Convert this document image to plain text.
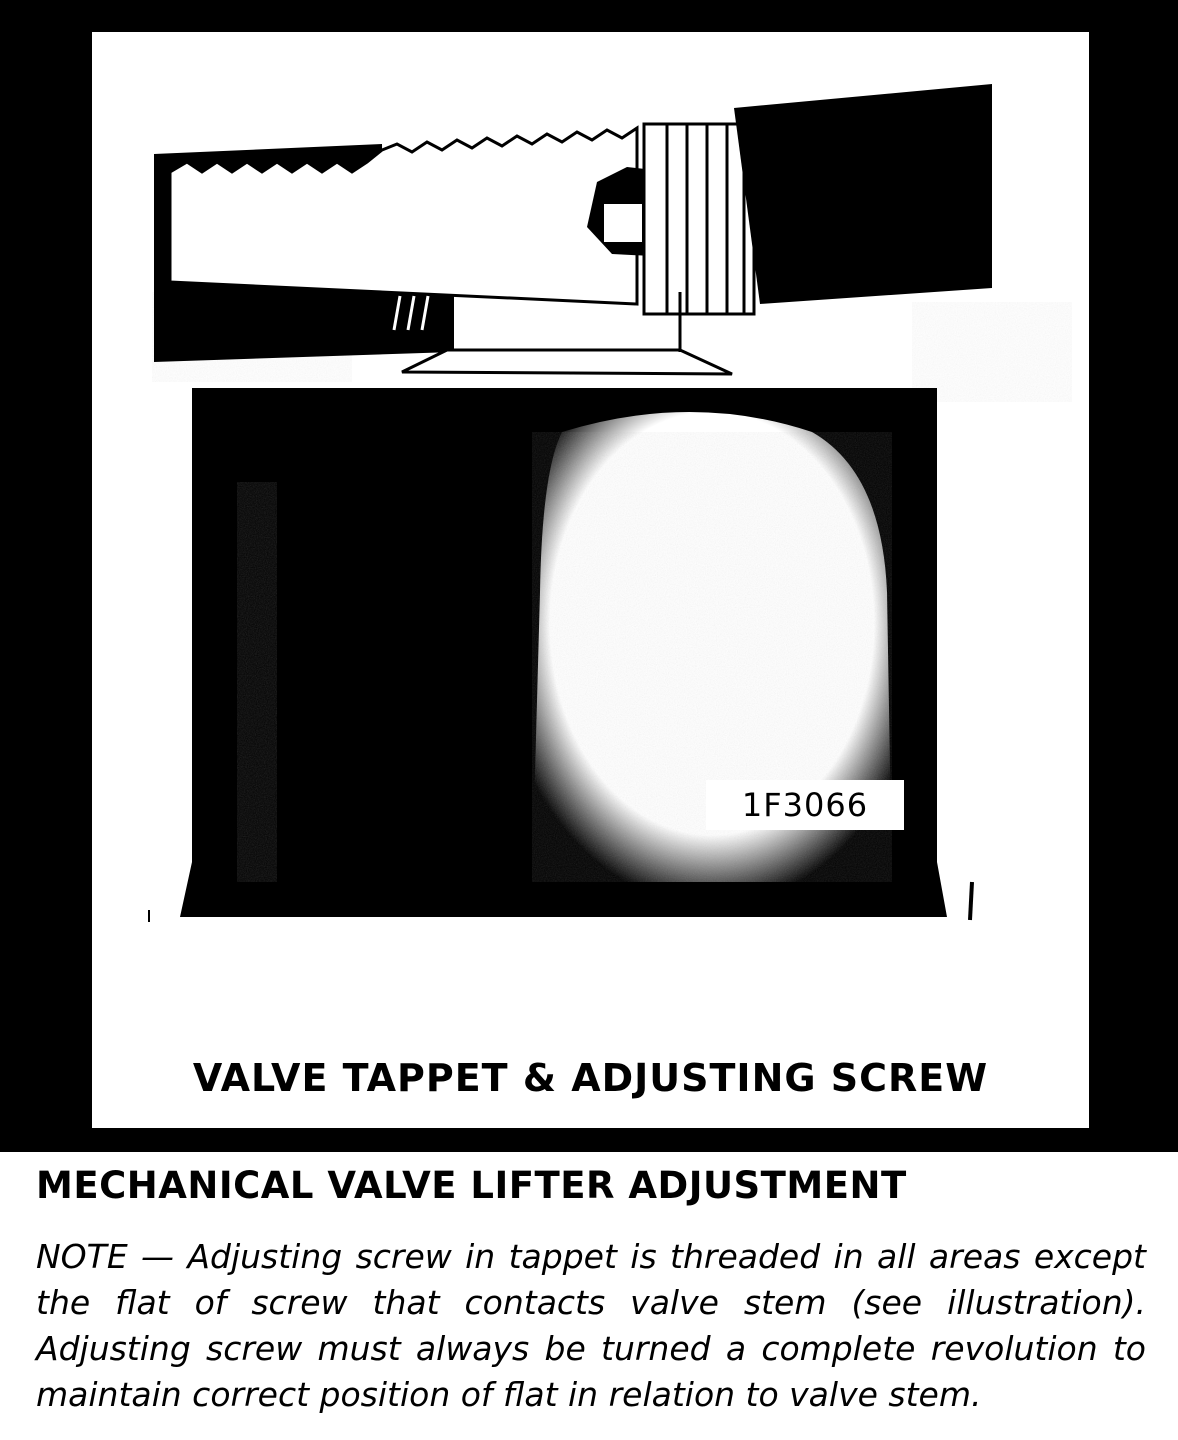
1F3066
VALVE TAPPET & ADJUSTING SCREW
MECHANICAL VALVE LIFTER ADJUSTMENT

NOTE — Adjusting screw in tappet is threaded in all areas except the flat of screw that contacts valve stem (see illustration). Adjusting screw must always be turned a complete revolution to maintain correct position of flat in relation to valve stem.
